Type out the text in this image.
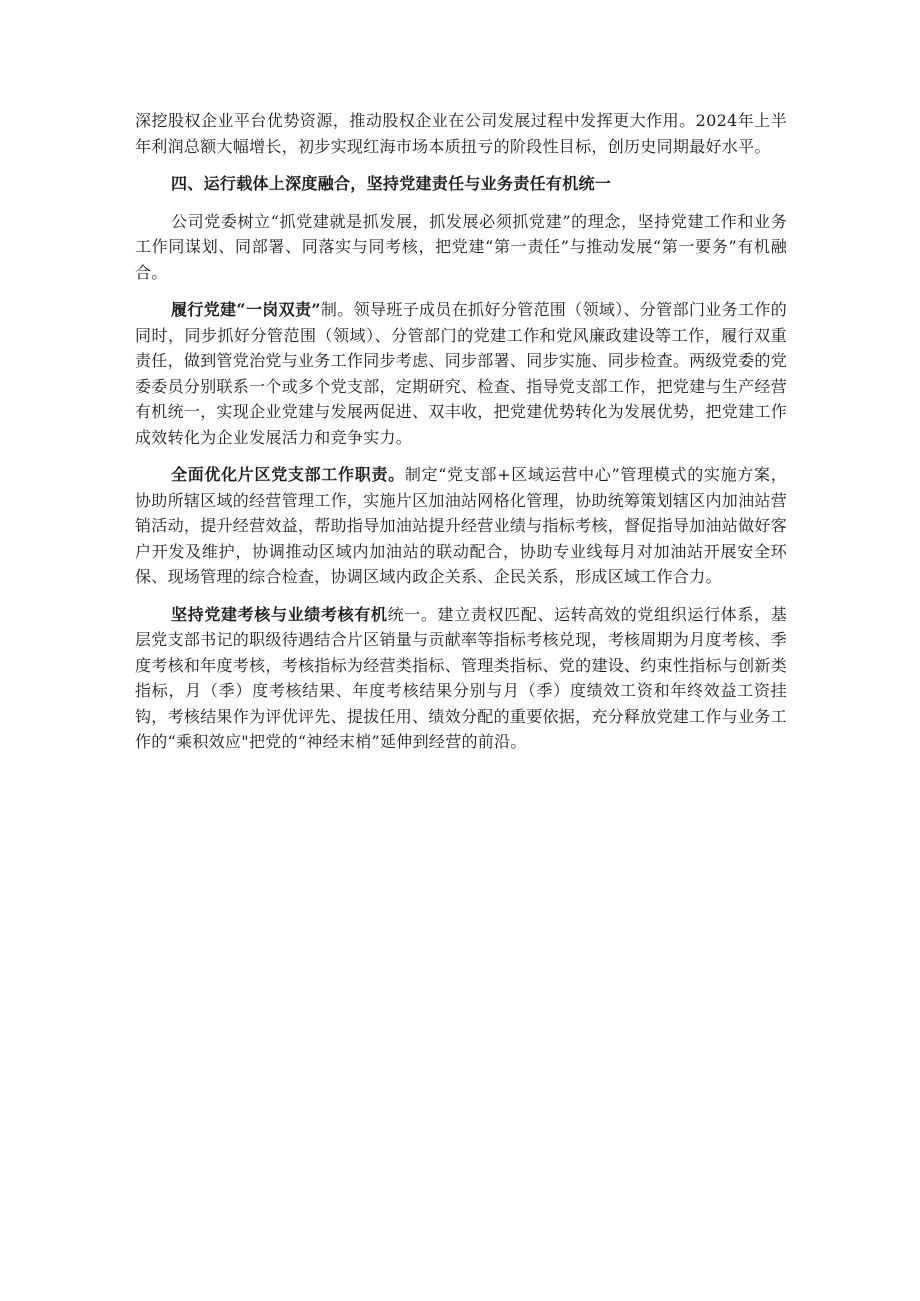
深挖股权企业平台优势资源，推动股权企业在公司发展过程中发挥更大作用。2024年上半年利润总额大幅增长，初步实现红海市场本质扭亏的阶段性目标，创历史同期最好水平。

四、运行载体上深度融合，坚持党建责任与业务责任有机统一

公司党委树立“抓党建就是抓发展，抓发展必须抓党建”的理念，坚持党建工作和业务工作同谋划、同部署、同落实与同考核，把党建“第一责任”与推动发展“第一要务”有机融合。

履行党建“一岗双责”制。领导班子成员在抓好分管范围（领域）、分管部门业务工作的同时，同步抓好分管范围（领域）、分管部门的党建工作和党风廉政建设等工作，履行双重责任，做到管党治党与业务工作同步考虑、同步部署、同步实施、同步检查。两级党委的党委委员分别联系一个或多个党支部，定期研究、检查、指导党支部工作，把党建与生产经营有机统一，实现企业党建与发展两促进、双丰收，把党建优势转化为发展优势，把党建工作成效转化为企业发展活力和竞争实力。

全面优化片区党支部工作职责。制定“党支部+区域运营中心”管理模式的实施方案，协助所辖区域的经营管理工作，实施片区加油站网格化管理，协助统筹策划辖区内加油站营销活动，提升经营效益，帮助指导加油站提升经营业绩与指标考核，督促指导加油站做好客户开发及维护，协调推动区域内加油站的联动配合，协助专业线每月对加油站开展安全环保、现场管理的综合检查，协调区域内政企关系、企民关系，形成区域工作合力。

坚持党建考核与业绩考核有机统一。建立责权匹配、运转高效的党组织运行体系，基层党支部书记的职级待遇结合片区销量与贡献率等指标考核兑现，考核周期为月度考核、季度考核和年度考核，考核指标为经营类指标、管理类指标、党的建设、约束性指标与创新类指标，月（季）度考核结果、年度考核结果分别与月（季）度绩效工资和年终效益工资挂钩，考核结果作为评优评先、提拔任用、绩效分配的重要依据，充分释放党建工作与业务工作的“乘积效应"把党的“神经末梢”延伸到经营的前沿。
